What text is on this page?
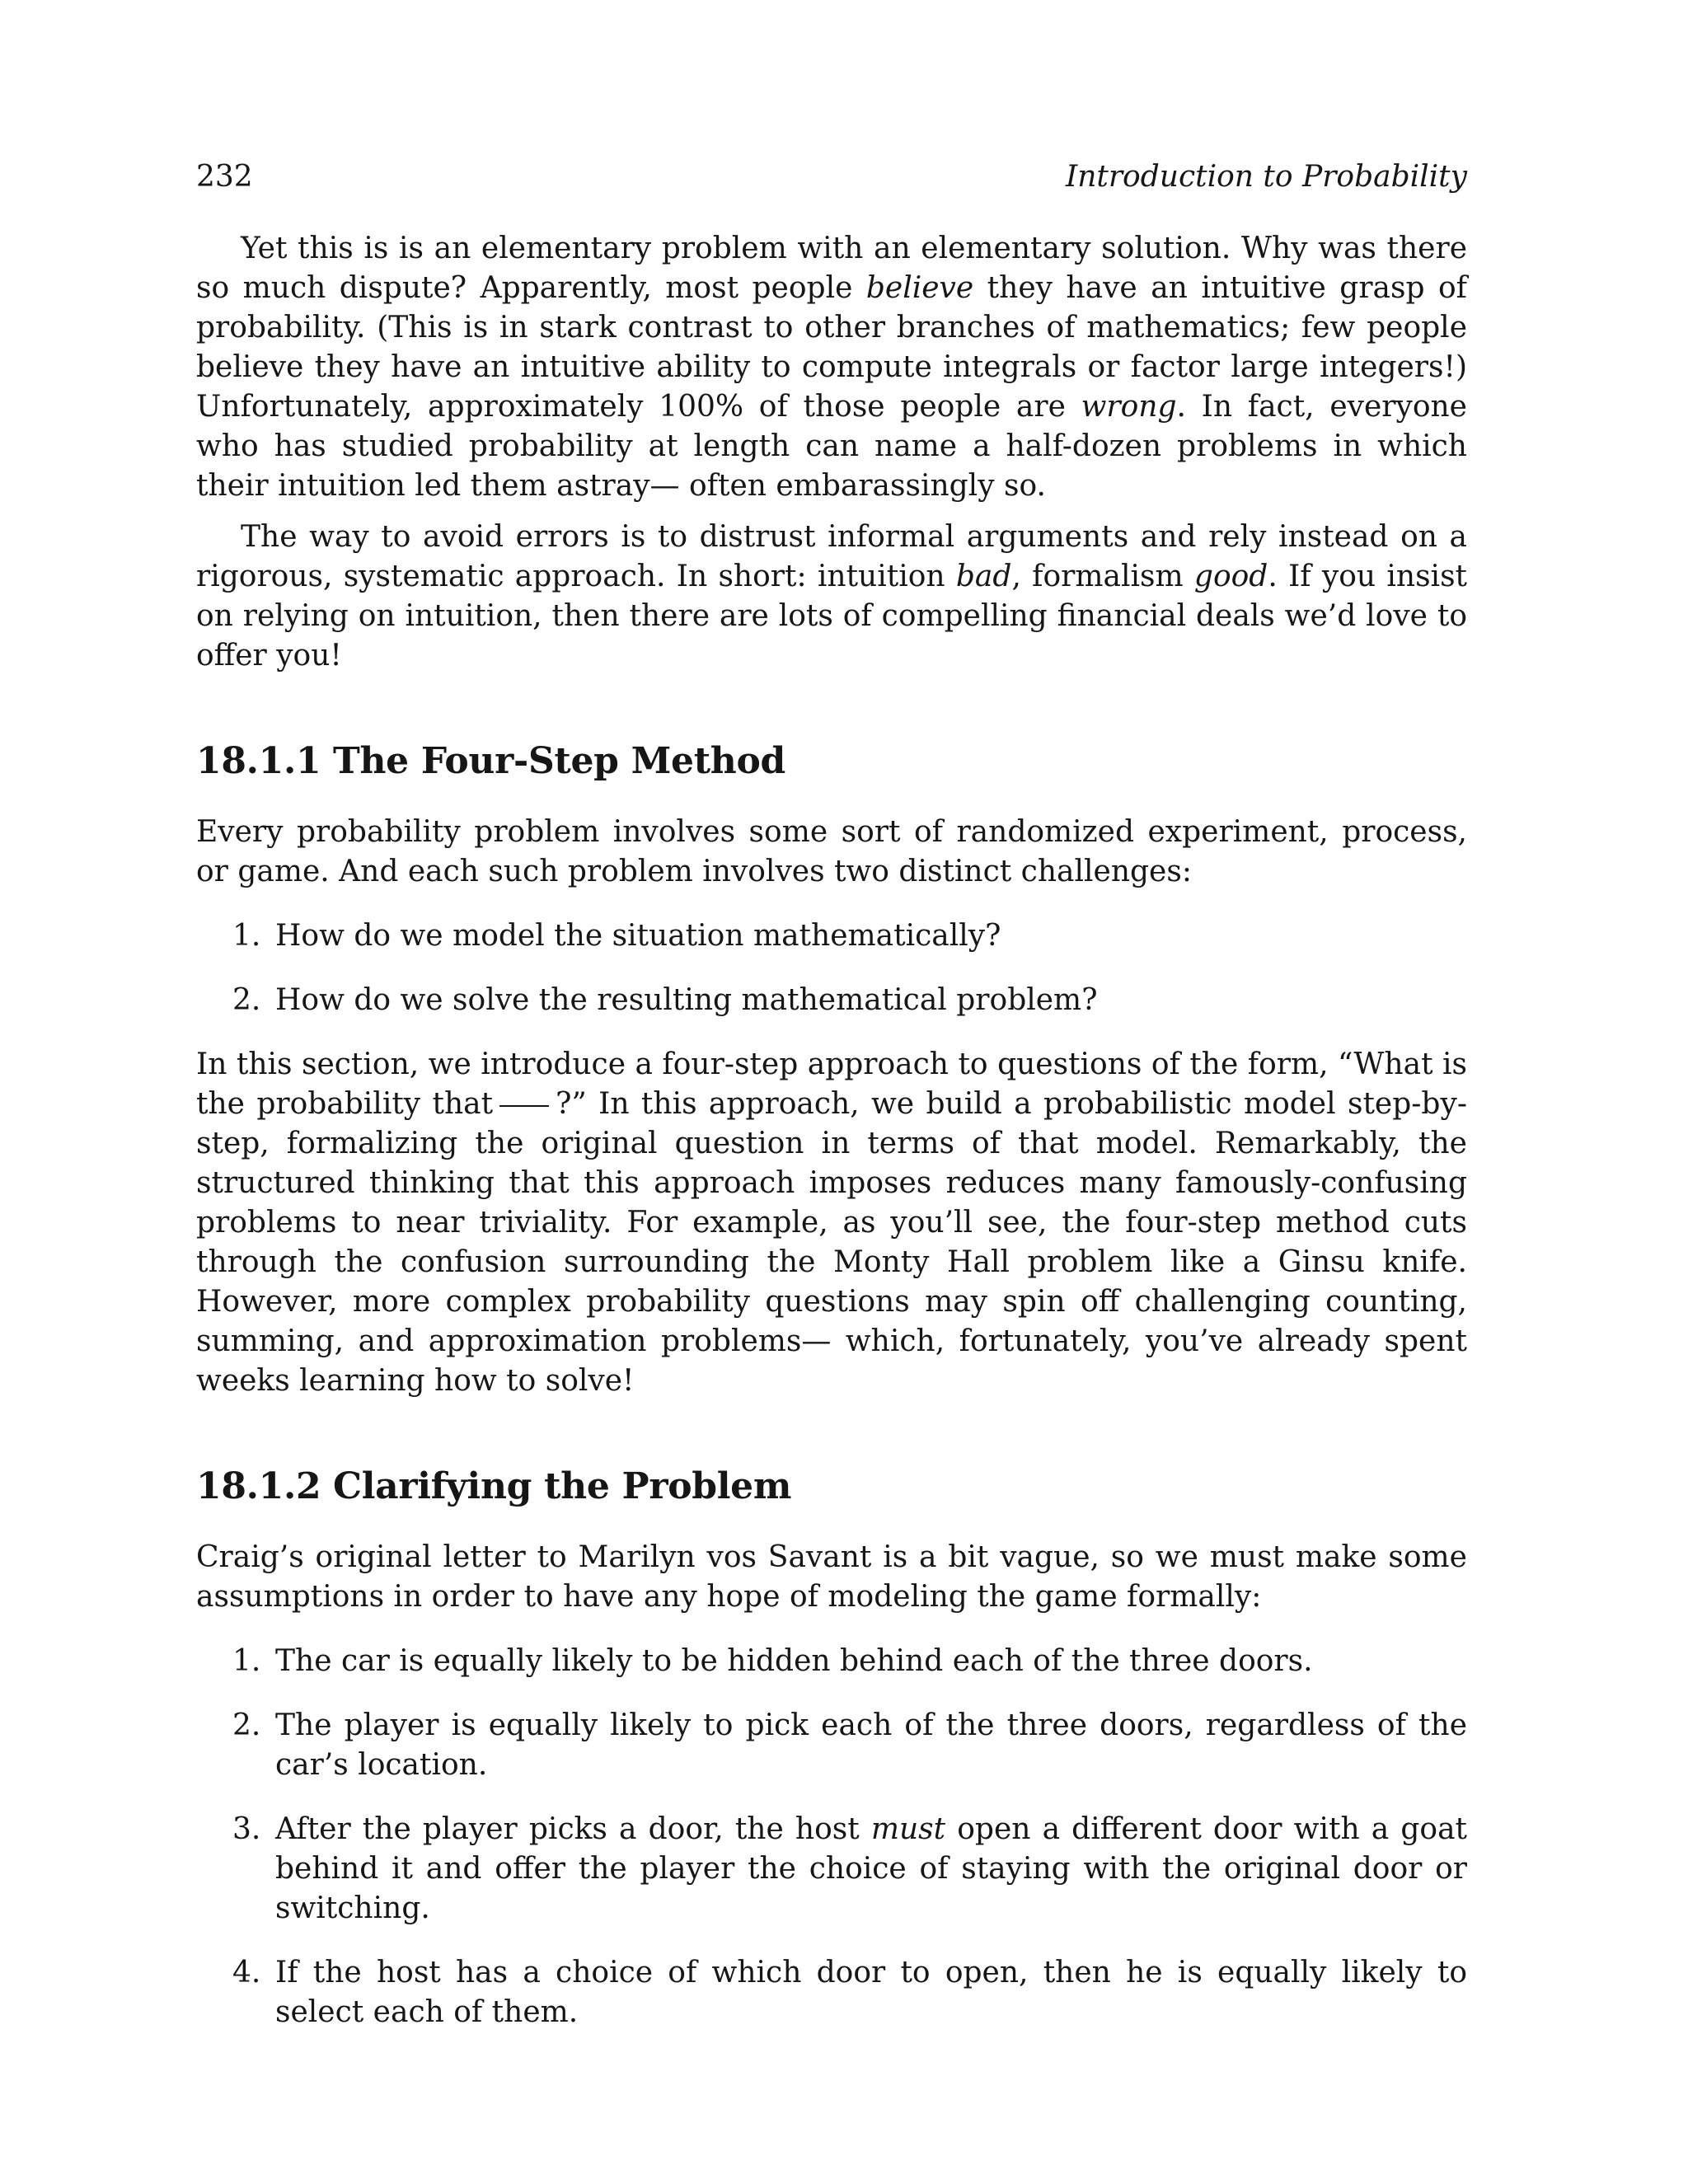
232	Introduction to Probability

Yet this is is an elementary problem with an elementary solution. Why was there so much dispute? Apparently, most people believe they have an intuitive grasp of probability. (This is in stark contrast to other branches of mathematics; few people believe they have an intuitive ability to compute integrals or factor large integers!) Unfortunately, approximately 100% of those people are wrong. In fact, everyone who has studied probability at length can name a half-dozen problems in which their intuition led them astray— often embarassingly so.

The way to avoid errors is to distrust informal arguments and rely instead on a rigorous, systematic approach. In short: intuition bad, formalism good. If you insist on relying on intuition, then there are lots of compelling financial deals we’d love to offer you!

18.1.1 The Four-Step Method

Every probability problem involves some sort of randomized experiment, process, or game. And each such problem involves two distinct challenges:

1. How do we model the situation mathematically?
2. How do we solve the resulting mathematical problem?

In this section, we introduce a four-step approach to questions of the form, “What is the probability that ?” In this approach, we build a probabilistic model step-by-step, formalizing the original question in terms of that model. Remarkably, the structured thinking that this approach imposes reduces many famously-confusing problems to near triviality. For example, as you’ll see, the four-step method cuts through the confusion surrounding the Monty Hall problem like a Ginsu knife. However, more complex probability questions may spin off challenging counting, summing, and approximation problems— which, fortunately, you’ve already spent weeks learning how to solve!

18.1.2 Clarifying the Problem

Craig’s original letter to Marilyn vos Savant is a bit vague, so we must make some assumptions in order to have any hope of modeling the game formally:

1. The car is equally likely to be hidden behind each of the three doors.
2. The player is equally likely to pick each of the three doors, regardless of the car’s location.
3. After the player picks a door, the host must open a different door with a goat behind it and offer the player the choice of staying with the original door or switching.
4. If the host has a choice of which door to open, then he is equally likely to select each of them.
